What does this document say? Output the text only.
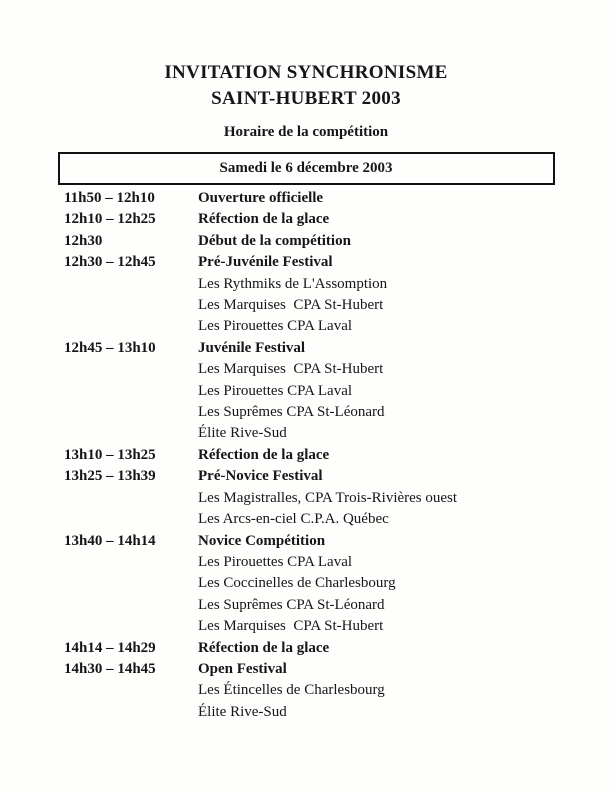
INVITATION SYNCHRONISME
SAINT-HUBERT 2003
Horaire de la compétition
Samedi le 6 décembre 2003
11h50 – 12h10	Ouverture officielle
12h10 – 12h25	Réfection de la glace
12h30	Début de la compétition
12h30 – 12h45	Pré-Juvénile Festival
Les Rythmiks de L'Assomption
Les Marquises  CPA St-Hubert
Les Pirouettes CPA Laval
12h45 – 13h10	Juvénile Festival
Les Marquises  CPA St-Hubert
Les Pirouettes CPA Laval
Les Suprêmes CPA St-Léonard
Élite Rive-Sud
13h10 – 13h25	Réfection de la glace
13h25 – 13h39	Pré-Novice Festival
Les Magistralles, CPA Trois-Rivières ouest
Les Arcs-en-ciel C.P.A. Québec
13h40 – 14h14	Novice Compétition
Les Pirouettes CPA Laval
Les Coccinelles de Charlesbourg
Les Suprêmes CPA St-Léonard
Les Marquises  CPA St-Hubert
14h14 – 14h29	Réfection de la glace
14h30 – 14h45	Open Festival
Les Étincelles de Charlesbourg
Élite Rive-Sud
